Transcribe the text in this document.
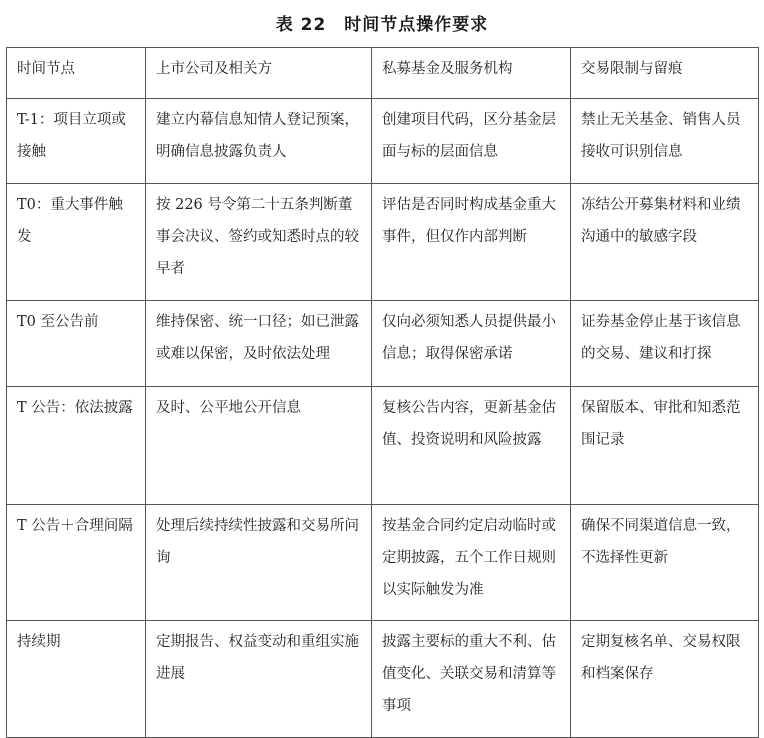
表 22　时间节点操作要求
时间节点	上市公司及相关方	私募基金及服务机构	交易限制与留痕
T-1：项目立项或接触	建立内幕信息知情人登记预案，明确信息披露负责人	创建项目代码，区分基金层面与标的层面信息	禁止无关基金、销售人员接收可识别信息
T0：重大事件触发	按 226 号令第二十五条判断董事会决议、签约或知悉时点的较早者	评估是否同时构成基金重大事件，但仅作内部判断	冻结公开募集材料和业绩沟通中的敏感字段
T0 至公告前	维持保密、统一口径；如已泄露或难以保密，及时依法处理	仅向必须知悉人员提供最小信息；取得保密承诺	证券基金停止基于该信息的交易、建议和打探
T 公告：依法披露	及时、公平地公开信息	复核公告内容，更新基金估值、投资说明和风险披露	保留版本、审批和知悉范围记录
T 公告＋合理间隔	处理后续持续性披露和交易所问询	按基金合同约定启动临时或定期披露，五个工作日规则以实际触发为准	确保不同渠道信息一致，不选择性更新
持续期	定期报告、权益变动和重组实施进展	披露主要标的重大不利、估值变化、关联交易和清算等事项	定期复核名单、交易权限和档案保存
